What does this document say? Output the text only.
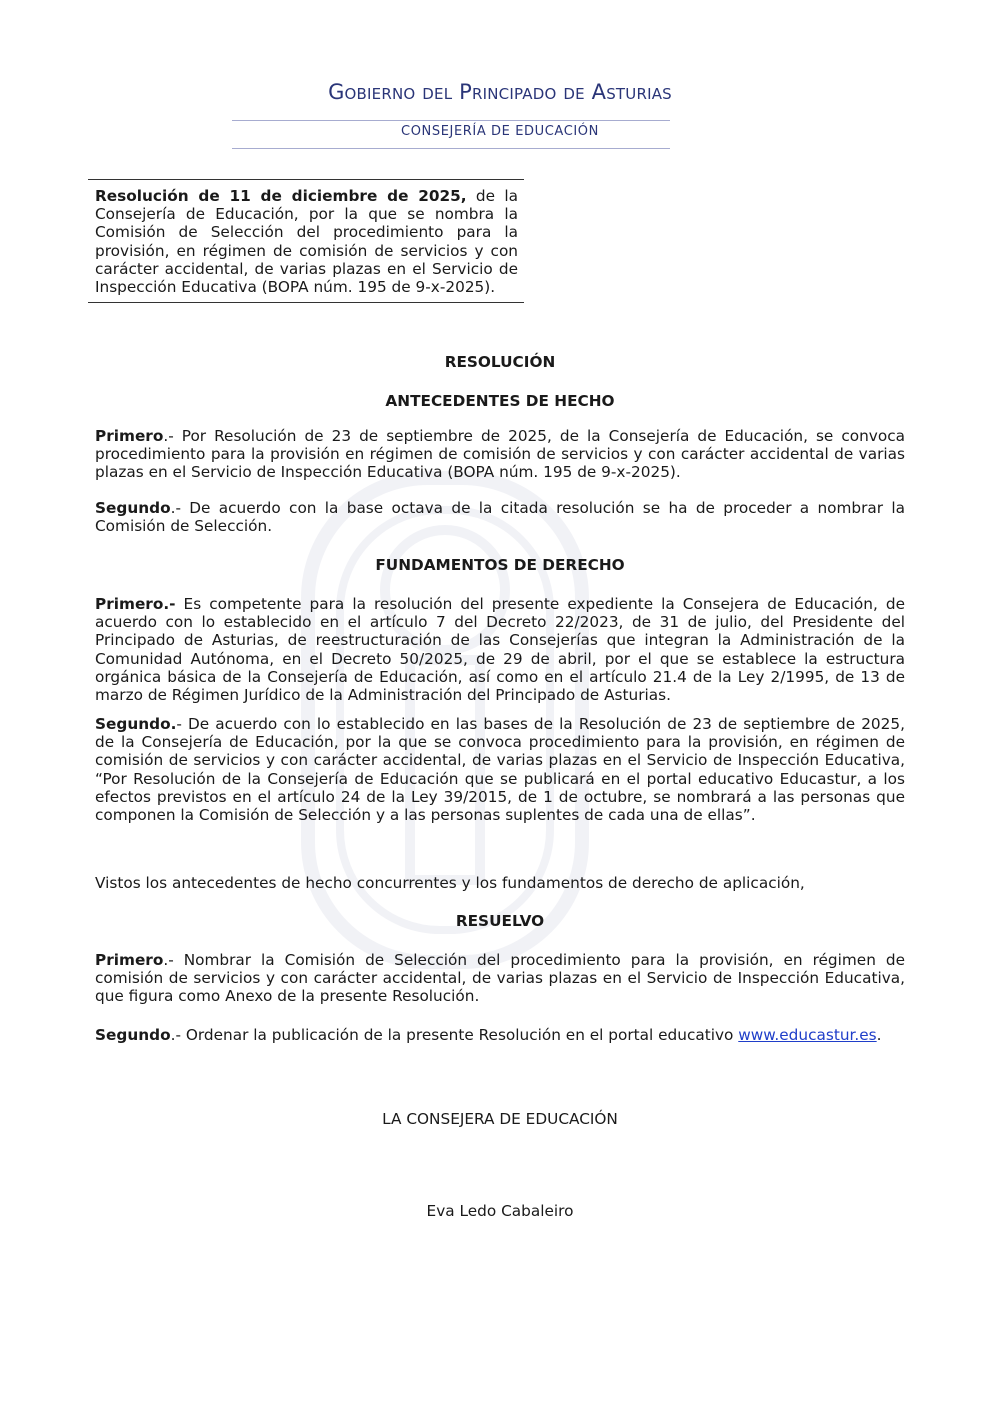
Gobierno del Principado de Asturias
CONSEJERÍA DE EDUCACIÓN

Resolución de 11 de diciembre de 2025, de la Consejería de Educación, por la que se nombra la Comisión de Selección del procedimiento para la provisión, en régimen de comisión de servicios y con carácter accidental, de varias plazas en el Servicio de Inspección Educativa (BOPA núm. 195 de 9-x-2025).

RESOLUCIÓN

ANTECEDENTES DE HECHO

Primero.- Por Resolución de 23 de septiembre de 2025, de la Consejería de Educación, se convoca procedimiento para la provisión en régimen de comisión de servicios y con carácter accidental de varias plazas en el Servicio de Inspección Educativa (BOPA núm. 195 de 9-x-2025).

Segundo.- De acuerdo con la base octava de la citada resolución se ha de proceder a nombrar la Comisión de Selección.

FUNDAMENTOS DE DERECHO

Primero.- Es competente para la resolución del presente expediente la Consejera de Educación, de acuerdo con lo establecido en el artículo 7 del Decreto 22/2023, de 31 de julio, del Presidente del Principado de Asturias, de reestructuración de las Consejerías que integran la Administración de la Comunidad Autónoma, en el Decreto 50/2025, de 29 de abril, por el que se establece la estructura orgánica básica de la Consejería de Educación, así como en el artículo 21.4 de la Ley 2/1995, de 13 de marzo de Régimen Jurídico de la Administración del Principado de Asturias.

Segundo.- De acuerdo con lo establecido en las bases de la Resolución de 23 de septiembre de 2025, de la Consejería de Educación, por la que se convoca procedimiento para la provisión, en régimen de comisión de servicios y con carácter accidental, de varias plazas en el Servicio de Inspección Educativa, “Por Resolución de la Consejería de Educación que se publicará en el portal educativo Educastur, a los efectos previstos en el artículo 24 de la Ley 39/2015, de 1 de octubre, se nombrará a las personas que componen la Comisión de Selección y a las personas suplentes de cada una de ellas”.

Vistos los antecedentes de hecho concurrentes y los fundamentos de derecho de aplicación,

RESUELVO

Primero.- Nombrar la Comisión de Selección del procedimiento para la provisión, en régimen de comisión de servicios y con carácter accidental, de varias plazas en el Servicio de Inspección Educativa, que figura como Anexo de la presente Resolución.

Segundo.- Ordenar la publicación de la presente Resolución en el portal educativo www.educastur.es.

LA CONSEJERA DE EDUCACIÓN

Eva Ledo Cabaleiro
